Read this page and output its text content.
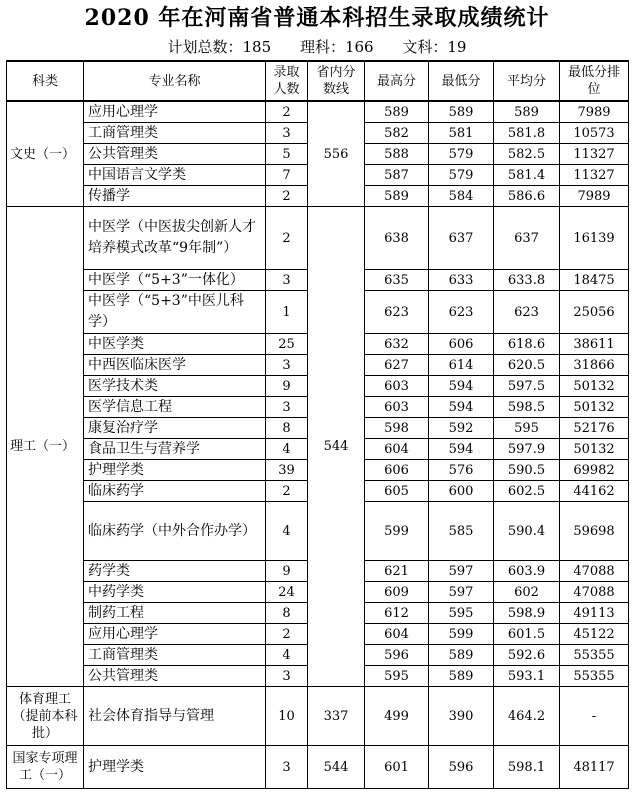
2020 年在河南省普通本科招生录取成绩统计
计划总数：185 理科：166 文科：19
科类	专业名称	录取人数	省内分数线	最高分	最低分	平均分	最低分排位
文史（一）	应用心理学	2	556	589	589	589	7989
	工商管理类	3		582	581	581.8	10573
	公共管理类	5		588	579	582.5	11327
	中国语言文学类	7		587	579	581.4	11327
	传播学	2		589	584	586.6	7989
理工（一）	中医学（中医拔尖创新人才培养模式改革“9年制”）	2	544	638	637	637	16139
	中医学（“5+3”一体化）	3		635	633	633.8	18475
	中医学（“5+3”中医儿科学）	1		623	623	623	25056
	中医学类	25		632	606	618.6	38611
	中西医临床医学	3		627	614	620.5	31866
	医学技术类	9		603	594	597.5	50132
	医学信息工程	3		603	594	598.5	50132
	康复治疗学	8		598	592	595	52176
	食品卫生与营养学	4		604	594	597.9	50132
	护理学类	39		606	576	590.5	69982
	临床药学	2		605	600	602.5	44162
	临床药学（中外合作办学）	4		599	585	590.4	59698
	药学类	9		621	597	603.9	47088
	中药学类	24		609	597	602	47088
	制药工程	8		612	595	598.9	49113
	应用心理学	2		604	599	601.5	45122
	工商管理类	4		596	589	592.6	55355
	公共管理类	3		595	589	593.1	55355
体育理工（提前本科批）	社会体育指导与管理	10	337	499	390	464.2	-
国家专项理工（一）	护理学类	3	544	601	596	598.1	48117
